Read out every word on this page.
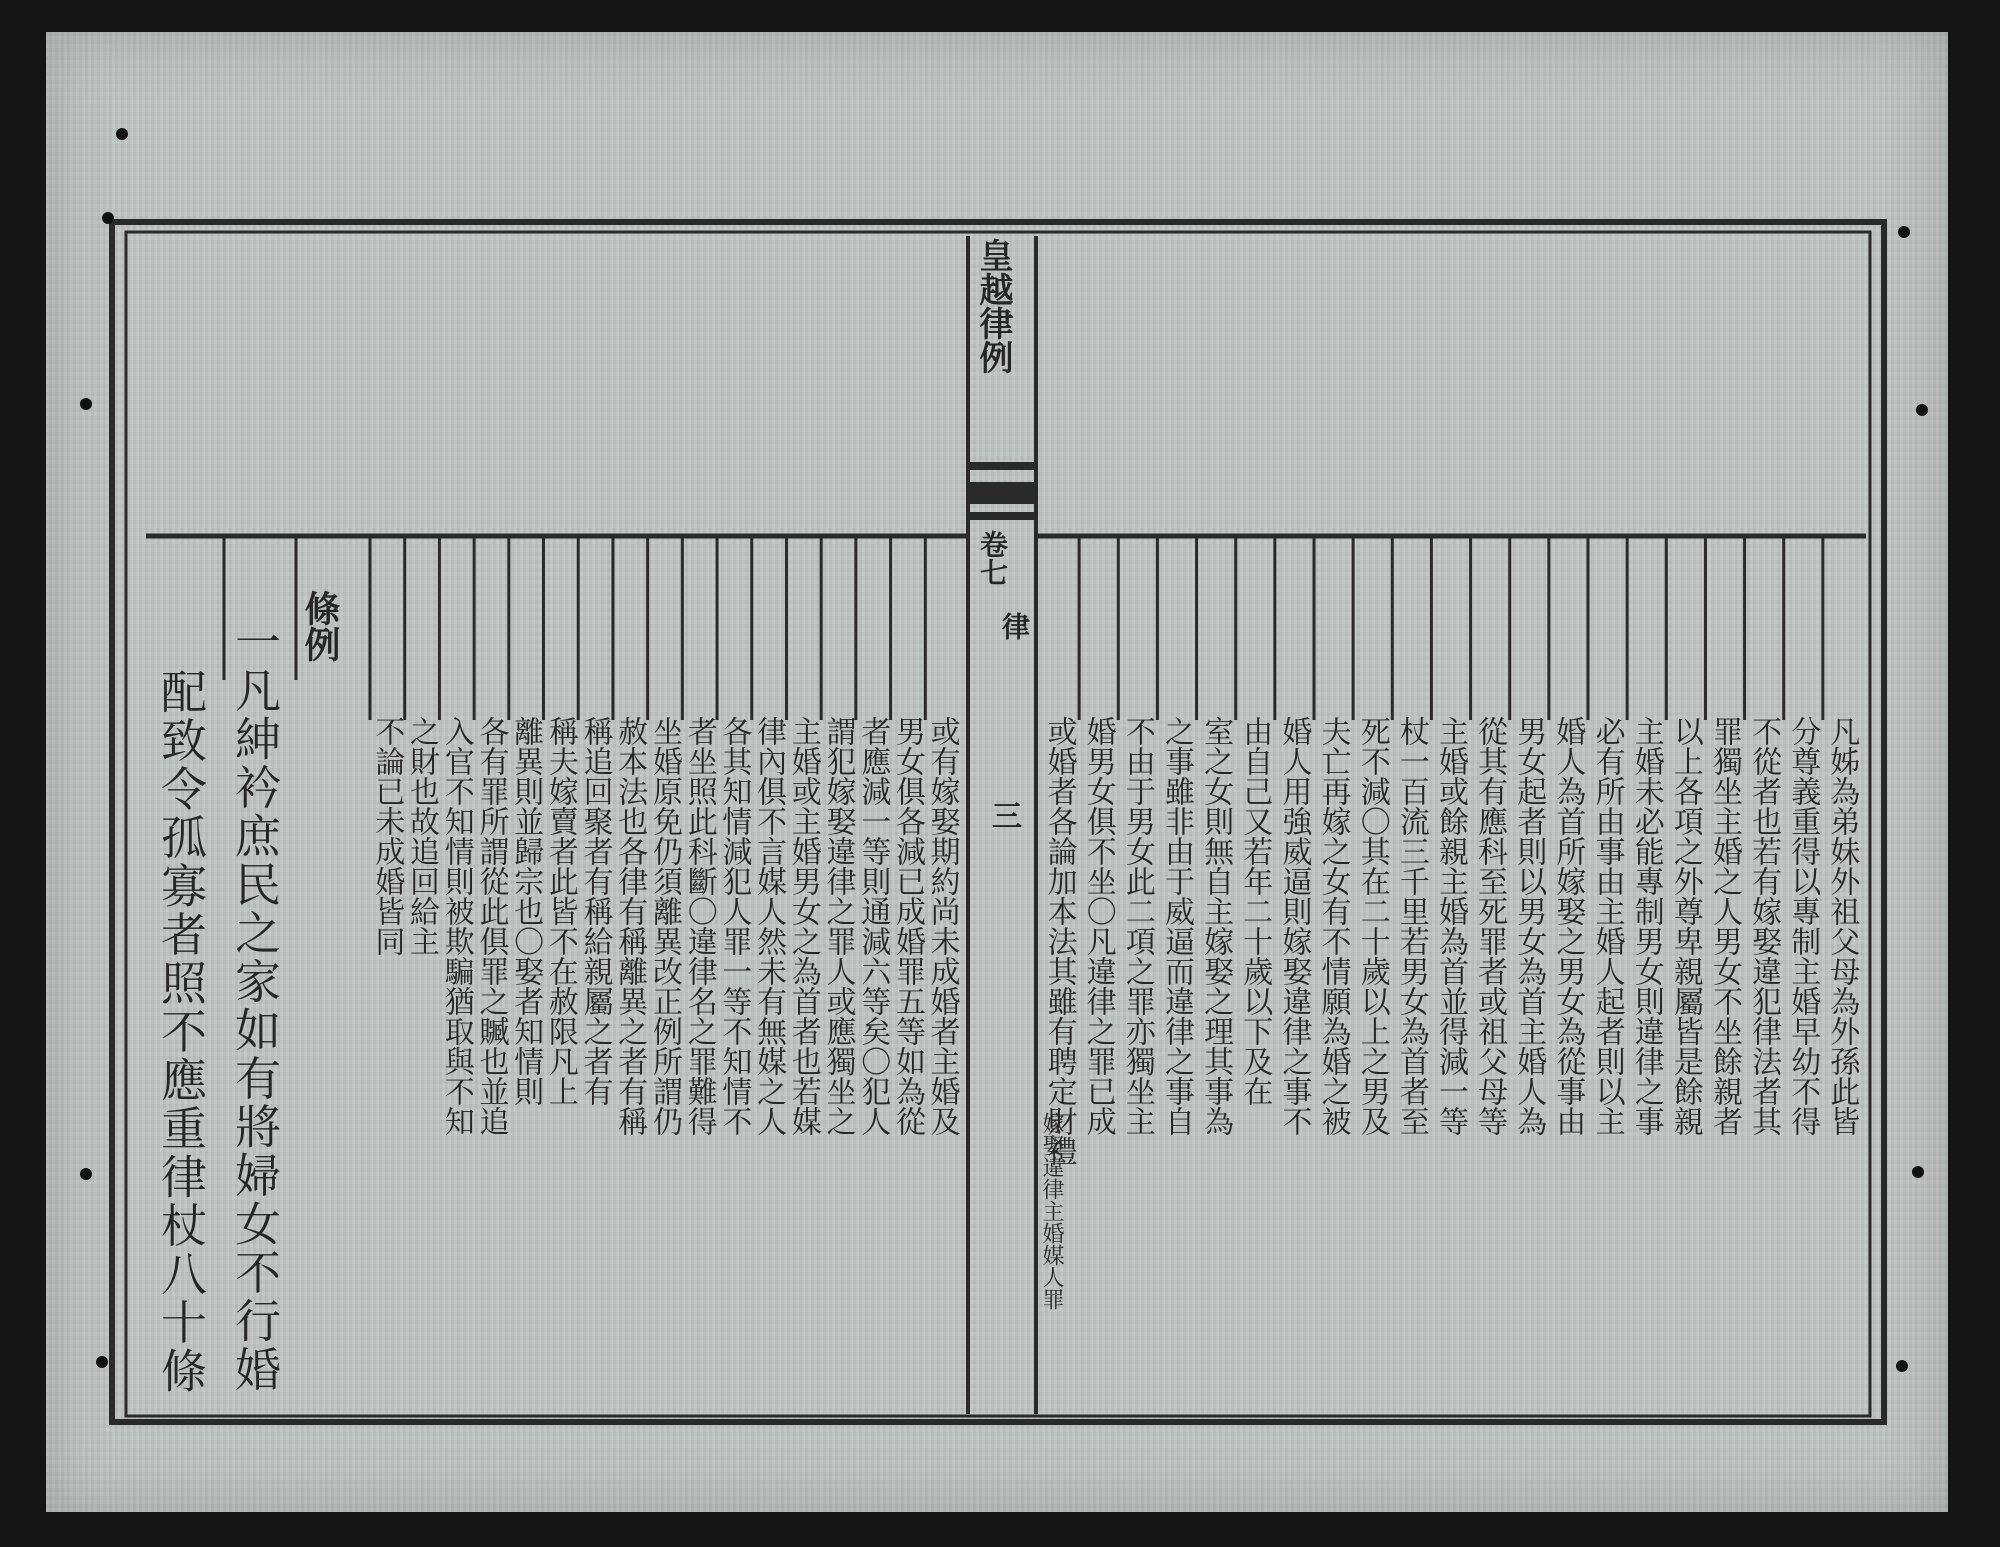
皇越律例
卷七
律
三
嫁娶違律主婚媒人罪
凡姊為弟妹外祖父母為外孫此皆
分尊義重得以專制主婚早幼不得
不從者也若有嫁娶違犯律法者其
罪獨坐主婚之人男女不坐餘親者
以上各項之外尊卑親屬皆是餘親
主婚未必能專制男女則違律之事
必有所由事由主婚人起者則以主
婚人為首所嫁娶之男女為從事由
男女起者則以男女為首主婚人為
從其有應科至死罪者或祖父母等
主婚或餘親主婚為首並得減一等
杖一百流三千里若男女為首者至
死不減〇其在二十歲以上之男及
夫亡再嫁之女有不情願為婚之被
婚人用強威逼則嫁娶違律之事不
由自己又若年二十歲以下及在
室之女則無自主嫁娶之理其事為
之事雖非由于威逼而違律之事自
不由于男女此二項之罪亦獨坐主
婚男女俱不坐〇凡違律之罪已成
或婚者各論加本法其雖有聘定財禮
或有嫁娶期約尚未成婚者主婚及
男女俱各減已成婚罪五等如為從
者應減一等則通減六等矣〇犯人
謂犯嫁娶違律之罪人或應獨坐之
主婚或主婚男女之為首者也若媒
律內俱不言媒人然未有無媒之人
各其知情減犯人罪一等不知情不
者坐照此科斷〇違律名之罪難得
坐婚原免仍須離異改正例所謂仍
赦本法也各律有稱離異之者有稱
稱追回聚者有稱給親屬之者有
稱夫嫁賣者此皆不在赦限凡上
離異則並歸宗也〇娶者知情則
各有罪所謂從此俱罪之贓也並追
入官不知情則被欺騙猶取與不知
之財也故追回給主
不論已未成婚皆同
條例
一凡紳衿庶民之家如有將婦女不行婚
配致令孤寡者照不應重律杖八十條
